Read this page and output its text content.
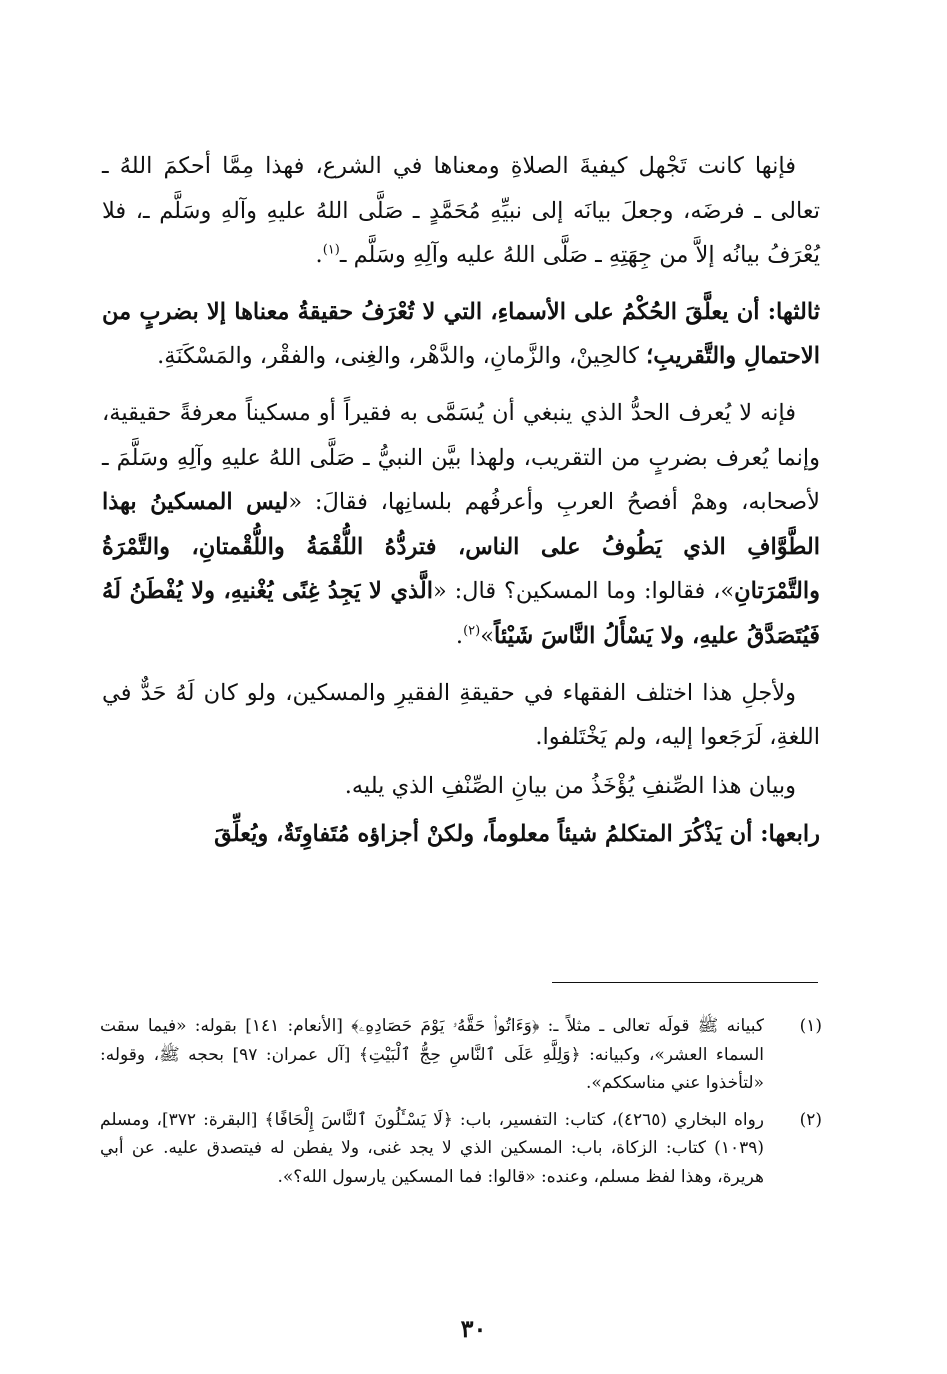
فإنها كانت تَجْهل كيفيةَ الصلاةِ ومعناها في الشرع، فهذا مِمَّا أحكمَ اللهُ ـ تعالى ـ فرضَه، وجعلَ بيانَه إلى نبيِّهِ مُحَمَّدٍ ـ صَلَّى اللهُ عليهِ وآلهِ وسَلَّم ـ، فلا يُعْرَفُ بيانُه إلاَّ من جِهَتِهِ ـ صَلَّى اللهُ عليه وآلِهِ وسَلَّم ـ$^{(١)}$.

ثالثها: أن يعلَّقَ الحُكْمُ على الأسماءِ، التي لا تُعْرَفُ حقيقةُ معناها إلا بضربٍ من الاحتمالِ والتَّقريبِ؛ كالحِينْ، والزَّمانِ، والدَّهْر، والغِنى، والفقْر، والمَسْكَنَةِ.

فإنه لا يُعرف الحدُّ الذي ينبغي أن يُسَمَّى به فقيراً أو مسكيناً معرفةً حقيقية، وإنما يُعرف بضربٍ من التقريب، ولهذا بيَّن النبيُّ ـ صَلَّى اللهُ عليهِ وآلِهِ وسَلَّمَ ـ لأصحابه، وهمْ أفصحُ العربِ وأعرفُهم بلسانِها، فقالَ: «ليس المسكينُ بهذا الطَّوَّافِ الذي يَطُوفُ على الناس، فتردُّهُ اللُّقْمَةُ واللُّقْمتانِ، والتَّمْرَةُ والتَّمْرَتانِ»، فقالوا: وما المسكين؟ قال: «الَّذي لا يَجِدُ غِنًى يُغْنيهِ، ولا يُفْطَنُ لَهُ فَيُتَصَدَّقُ عليهِ، ولا يَسْأَلُ النَّاسَ شَيْئاً»$^{(٢)}$.

ولأجلِ هذا اختلف الفقهاء في حقيقةِ الفقيرِ والمسكين، ولو كان لَهُ حَدٌّ في اللغةِ، لَرَجَعوا إليه، ولم يَخْتَلفوا.

وبيان هذا الصِّنفِ يُؤْخَذُ من بيانِ الصِّنْفِ الذي يليه.

رابعها: أن يَذْكُرَ المتكلمُ شيئاً معلوماً، ولكنْ أجزاؤه مُتَفاوِتَةٌ، ويُعلِّقَ

(١)
كبيانه ﷺ قولَه تعالى ـ مثلاً ـ: ﴿وَءَاتُوا۟ حَقَّهُۥ يَوْمَ حَصَادِهِۦ﴾ [الأنعام: ١٤١] بقوله: «فيما سقت السماء العشر»، وكبيانه: ﴿وَلِلَّهِ عَلَى ٱلنَّاسِ حِجُّ ٱلْبَيْتِ﴾ [آل عمران: ٩٧] بحجه ﷺ، وقوله: «لتأخذوا عني مناسككم».
(٢)
رواه البخاري (٤٢٦٥)، كتاب: التفسير، باب: ﴿لَا يَسْـَٔلُونَ ٱلنَّاسَ إِلْحَافًا﴾ [البقرة: ٣٧٢]، ومسلم (١٠٣٩) كتاب: الزكاة، باب: المسكين الذي لا يجد غنى، ولا يفطن له فيتصدق عليه. عن أبي هريرة، وهذا لفظ مسلم، وعنده: «قالوا: فما المسكين يارسول الله؟».
٣٠
